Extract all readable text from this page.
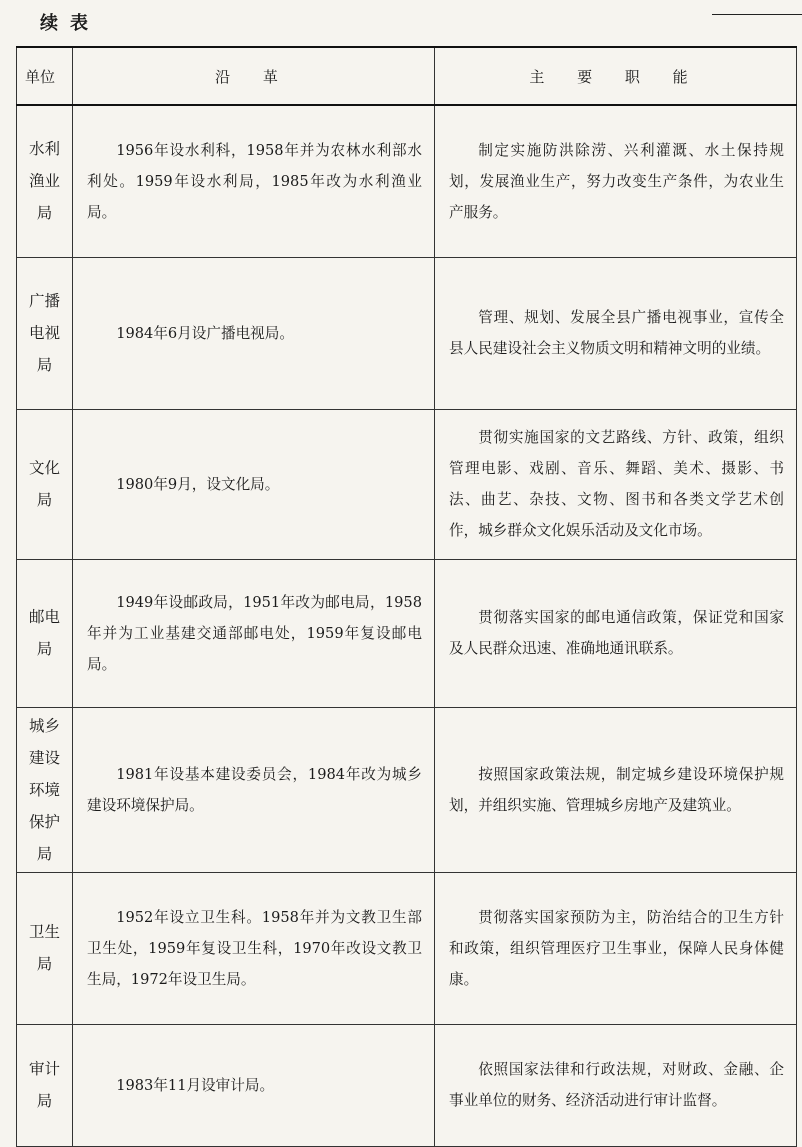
续表
单位	沿 革	主 要 职 能
水利渔业局	1956年设水利科，1958年并为农林水利部水利处。1959年设水利局，1985年改为水利渔业局。	制定实施防洪除涝、兴利灌溉、水土保持规划，发展渔业生产，努力改变生产条件，为农业生产服务。

广播电视局	1984年6月设广播电视局。	管理、规划、发展全县广播电视事业，宣传全县人民建设社会主义物质文明和精神文明的业绩。

文化局	1980年9月，设文化局。	贯彻实施国家的文艺路线、方针、政策，组织管理电影、戏剧、音乐、舞蹈、美术、摄影、书法、曲艺、杂技、文物、图书和各类文学艺术创作，城乡群众文化娱乐活动及文化市场。

邮电局	1949年设邮政局，1951年改为邮电局，1958年并为工业基建交通部邮电处，1959年复设邮电局。	贯彻落实国家的邮电通信政策，保证党和国家及人民群众迅速、准确地通讯联系。

城乡建设环境保护局	1981年设基本建设委员会，1984年改为城乡建设环境保护局。	按照国家政策法规，制定城乡建设环境保护规划，并组织实施、管理城乡房地产及建筑业。

卫生局	1952年设立卫生科。1958年并为文教卫生部卫生处，1959年复设卫生科，1970年改设文教卫生局，1972年设卫生局。	贯彻落实国家预防为主，防治结合的卫生方针和政策，组织管理医疗卫生事业，保障人民身体健康。

审计局	1983年11月设审计局。	依照国家法律和行政法规，对财政、金融、企事业单位的财务、经济活动进行审计监督。
